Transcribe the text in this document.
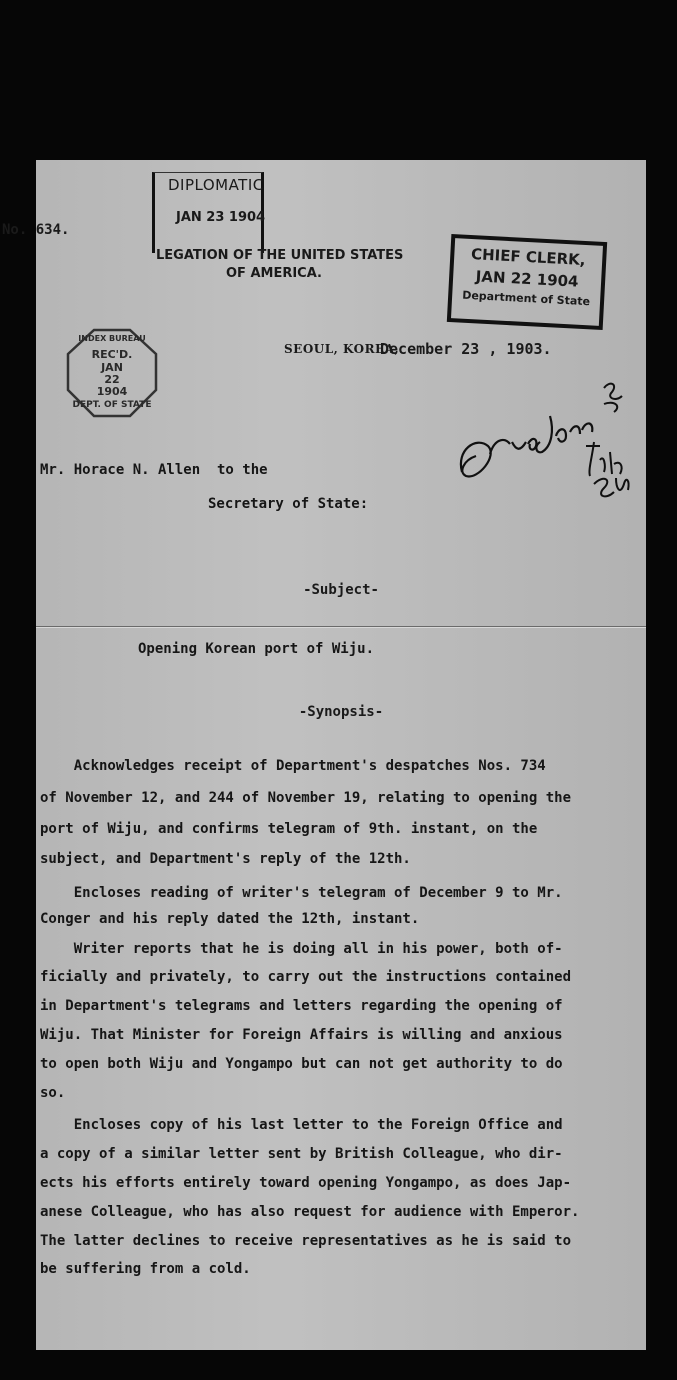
DIPLOMATIC
JAN 23 1904
No. 634.
LEGATION OF THE UNITED STATES
OF AMERICA.
CHIEF CLERK,
JAN 22 1904
Department of State
INDEX BUREAU
REC'D.
JAN
22
1904
DEPT. OF STATE
SEOUL, KOREA,
December 23 , 1903.
Mr. Horace N. Allen  to the
Secretary of State:
-Subject-
Opening Korean port of Wiju.
-Synopsis-
Acknowledges receipt of Department's despatches Nos. 734
of November 12, and 244 of November 19, relating to opening the
port of Wiju, and confirms telegram of 9th. instant, on the
subject, and Department's reply of the 12th.
Encloses reading of writer's telegram of December 9 to Mr.
Conger and his reply dated the 12th, instant.
Writer reports that he is doing all in his power, both of-
ficially and privately, to carry out the instructions contained
in Department's telegrams and letters regarding the opening of
Wiju. That Minister for Foreign Affairs is willing and anxious
to open both Wiju and Yongampo but can not get authority to do
so.
Encloses copy of his last letter to the Foreign Office and
a copy of a similar letter sent by British Colleague, who dir-
ects his efforts entirely toward opening Yongampo, as does Jap-
anese Colleague, who has also request for audience with Emperor.
The latter declines to receive representatives as he is said to
be suffering from a cold.
